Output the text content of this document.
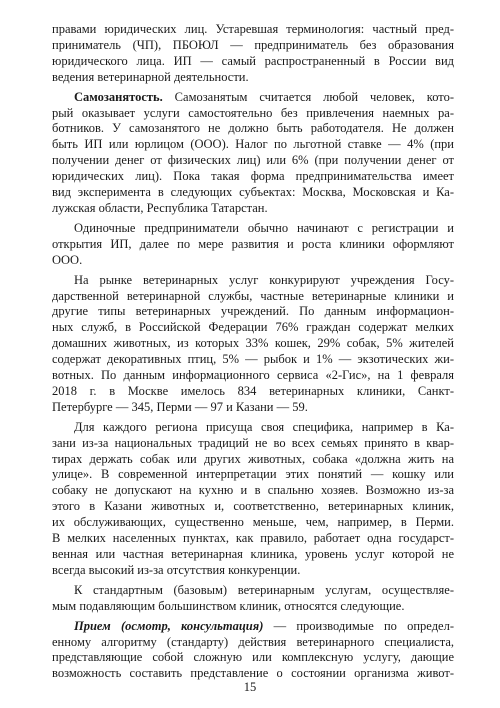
правами юридических лиц. Устаревшая терминология: частный пред-
приниматель (ЧП), ПБОЮЛ — предприниматель без образования
юридического лица. ИП — самый распространенный в России вид
ведения ветеринарной деятельности.
Самозанятость. Самозанятым считается любой человек, кото-
рый оказывает услуги самостоятельно без привлечения наемных ра-
ботников. У самозанятого не должно быть работодателя. Не должен
быть ИП или юрлицом (ООО). Налог по льготной ставке — 4% (при
получении денег от физических лиц) или 6% (при получении денег от
юридических лиц). Пока такая форма предпринимательства имеет
вид эксперимента в следующих субъектах: Москва, Московская и Ка-
лужская области, Республика Татарстан.
Одиночные предприниматели обычно начинают с регистрации и
открытия ИП, далее по мере развития и роста клиники оформляют
ООО.
На рынке ветеринарных услуг конкурируют учреждения Госу-
дарственной ветеринарной службы, частные ветеринарные клиники и
другие типы ветеринарных учреждений. По данным информацион-
ных служб, в Российской Федерации 76% граждан содержат мелких
домашних животных, из которых 33% кошек, 29% собак, 5% жителей
содержат декоративных птиц, 5% — рыбок и 1% — экзотических жи-
вотных. По данным информационного сервиса «2-Гис», на 1 февраля
2018 г. в Москве имелось 834 ветеринарных клиники, Санкт-
Петербурге — 345, Перми — 97 и Казани — 59.
Для каждого региона присуща своя специфика, например в Ка-
зани из-за национальных традиций не во всех семьях принято в квар-
тирах держать собак или других животных, собака «должна жить на
улице». В современной интерпретации этих понятий — кошку или
собаку не допускают на кухню и в спальню хозяев. Возможно из-за
этого в Казани животных и, соответственно, ветеринарных клиник,
их обслуживающих, существенно меньше, чем, например, в Перми.
В мелких населенных пунктах, как правило, работает одна государст-
венная или частная ветеринарная клиника, уровень услуг которой не
всегда высокий из-за отсутствия конкуренции.
К стандартным (базовым) ветеринарным услугам, осуществляе-
мым подавляющим большинством клиник, относятся следующие.
Прием (осмотр, консультация) — производимые по определ-
енному алгоритму (стандарту) действия ветеринарного специалиста,
представляющие собой сложную или комплексную услугу, дающие
возможность составить представление о состоянии организма живот-
15
